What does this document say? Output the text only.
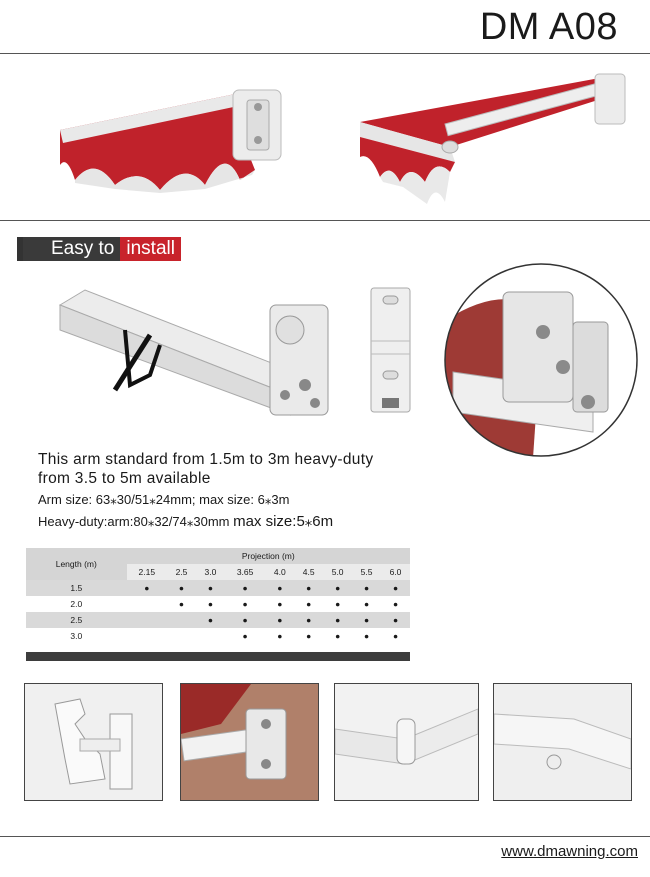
DM A08
Easy to install
This arm standard from 1.5m to 3m heavy-duty
from 3.5 to 5m available
Arm size: 63⁎30/51⁎24mm; max size: 6⁎3m
Heavy-duty:arm:80⁎32/74⁎30mm max size:5⁎6m
Length (m)	Projection (m)								
	2.15	2.5	3.0	3.65	4.0	4.5	5.0	5.5	6.0
1.5	●	●	●	●	●	●	●	●	●
2.0		●	●	●	●	●	●	●	●
2.5			●	●	●	●	●	●	●
3.0				●	●	●	●	●	●
www.dmawning.com
